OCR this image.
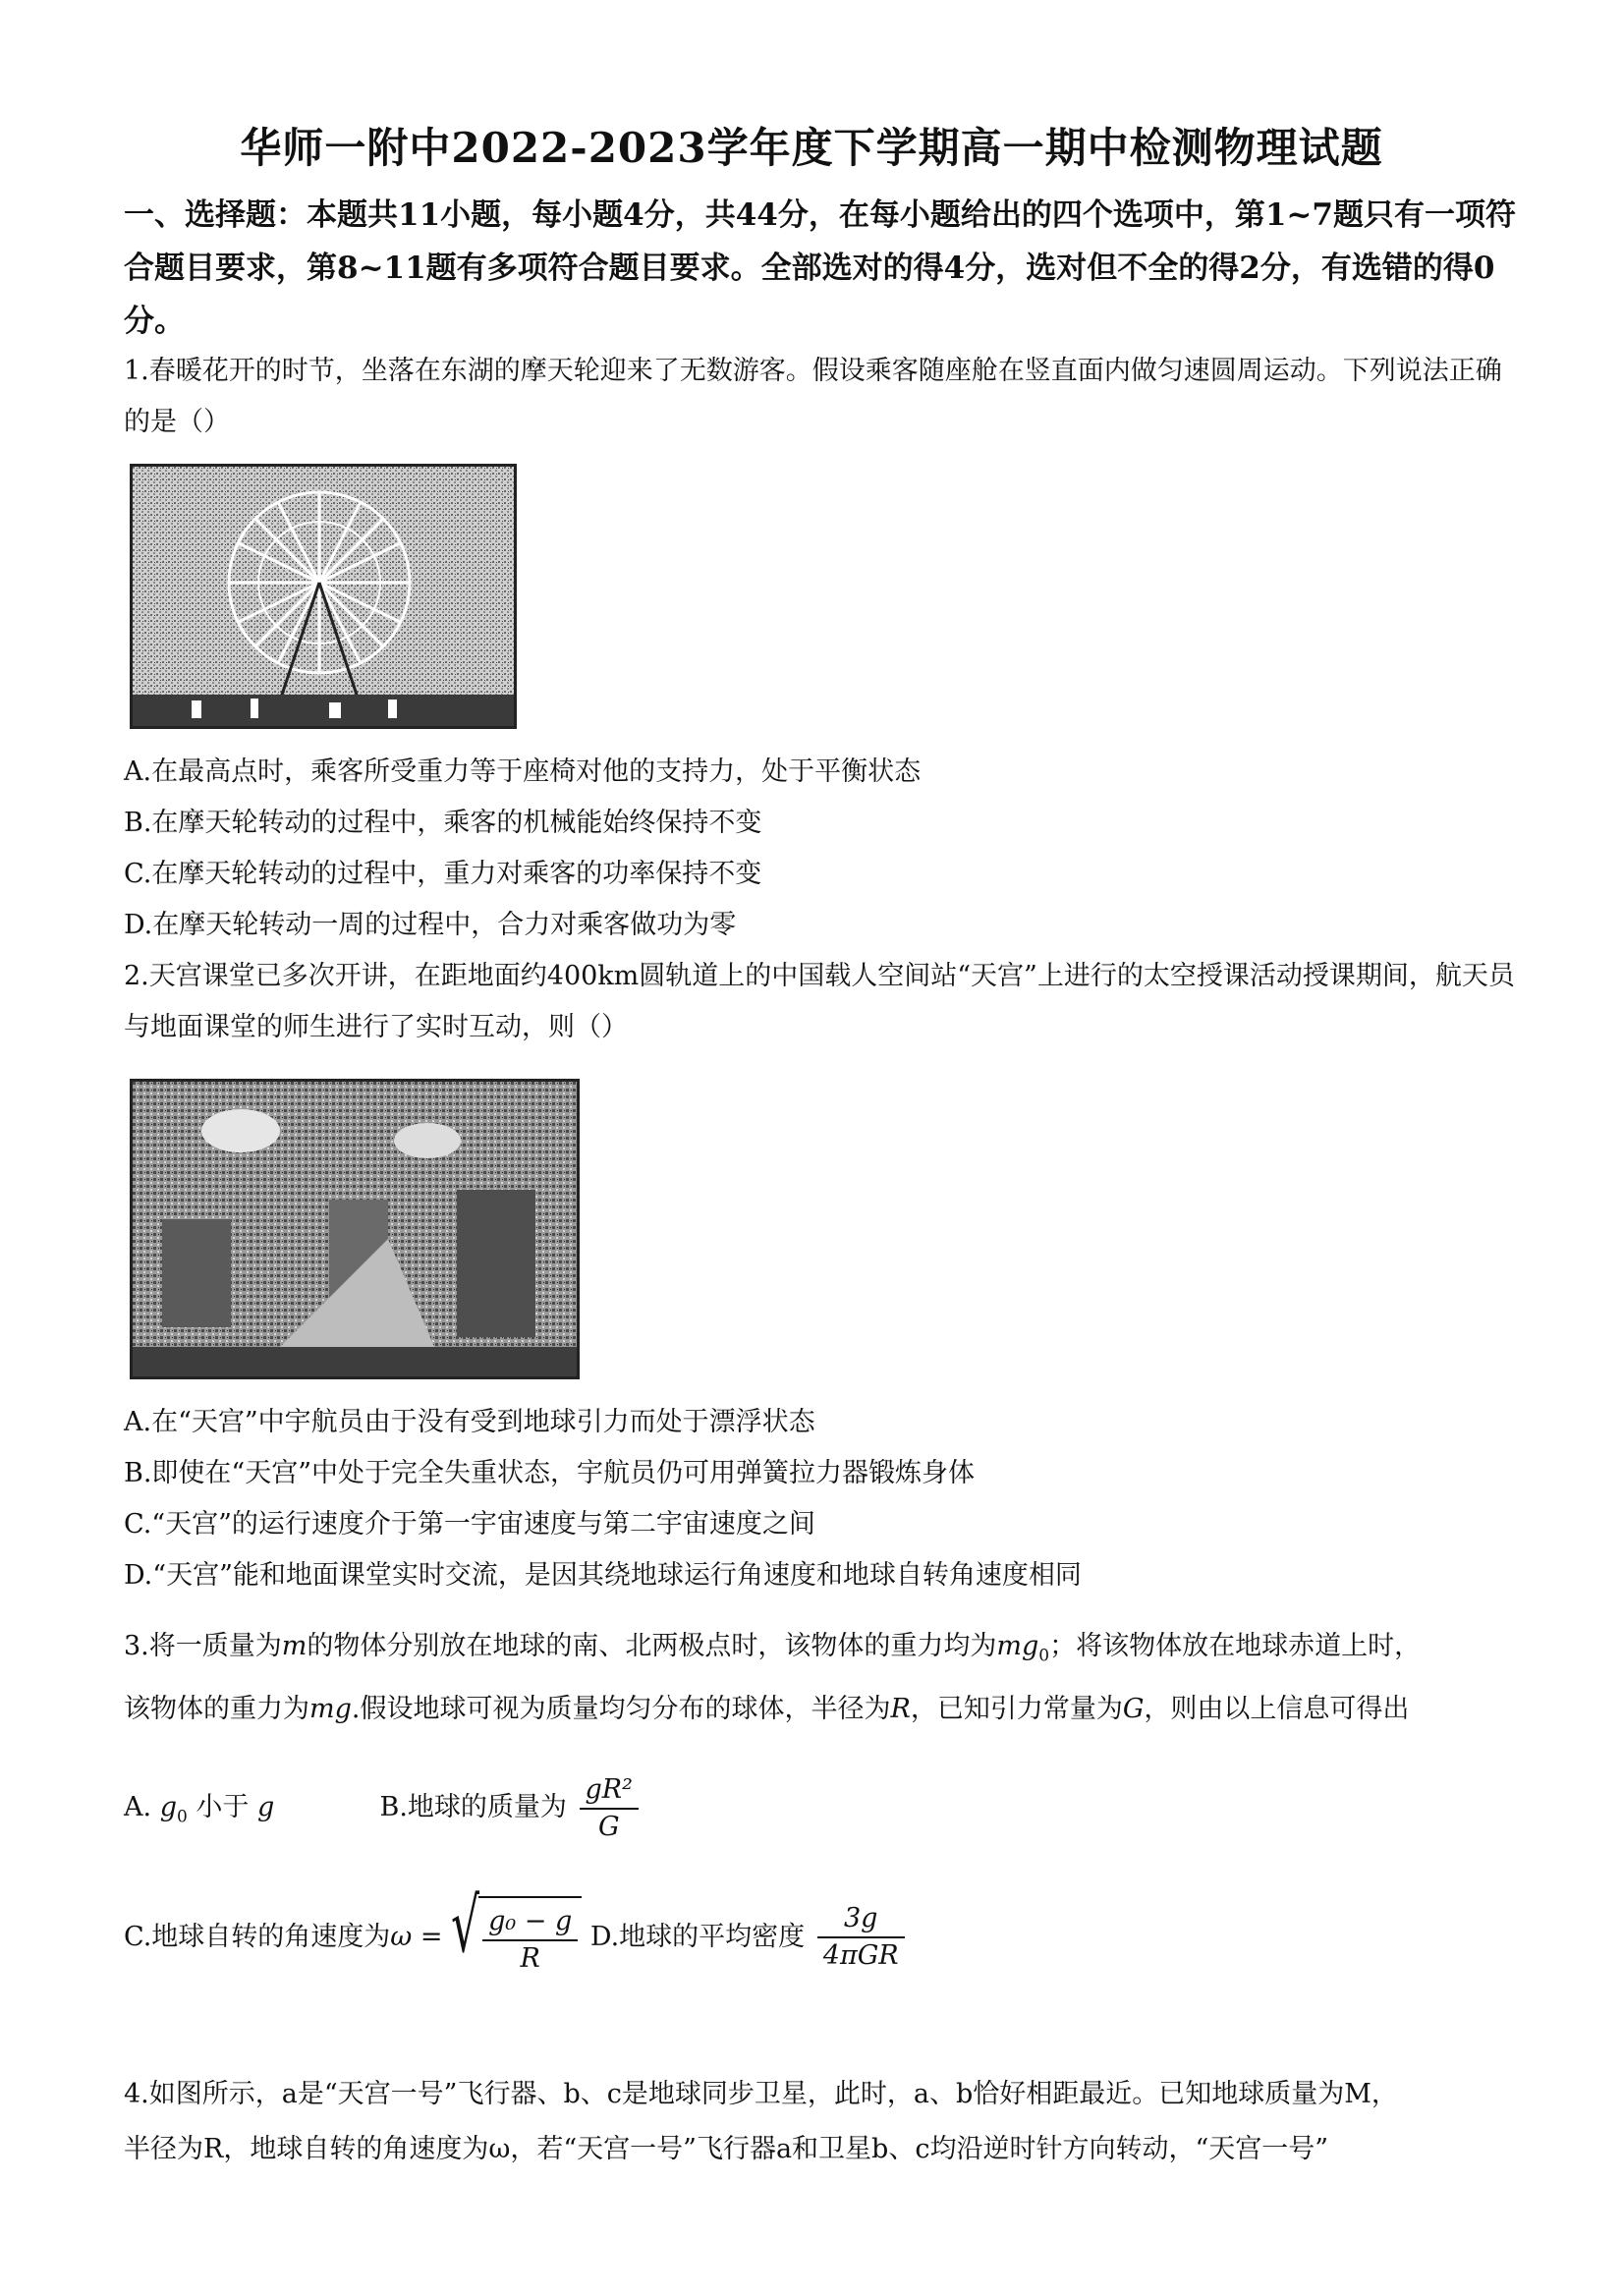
华师一附中2022-2023学年度下学期高一期中检测物理试题
一、选择题：本题共11小题，每小题4分，共44分，在每小题给出的四个选项中，第1~7题只有一项符合题目要求，第8~11题有多项符合题目要求。全部选对的得4分，选对但不全的得2分，有选错的得0分。
1.春暖花开的时节，坐落在东湖的摩天轮迎来了无数游客。假设乘客随座舱在竖直面内做匀速圆周运动。下列说法正确的是（）
A.在最高点时，乘客所受重力等于座椅对他的支持力，处于平衡状态
B.在摩天轮转动的过程中，乘客的机械能始终保持不变
C.在摩天轮转动的过程中，重力对乘客的功率保持不变
D.在摩天轮转动一周的过程中，合力对乘客做功为零
2.天宫课堂已多次开讲，在距地面约400km圆轨道上的中国载人空间站“天宫”上进行的太空授课活动授课期间，航天员与地面课堂的师生进行了实时互动，则（）
A.在“天宫”中宇航员由于没有受到地球引力而处于漂浮状态
B.即使在“天宫”中处于完全失重状态，宇航员仍可用弹簧拉力器锻炼身体
C.“天宫”的运行速度介于第一宇宙速度与第二宇宙速度之间
D.“天宫”能和地面课堂实时交流，是因其绕地球运行角速度和地球自转角速度相同
3.将一质量为m的物体分别放在地球的南、北两极点时，该物体的重力均为$mg_0$；将该物体放在地球赤道上时，
该物体的重力为mg.假设地球可视为质量均匀分布的球体，半径为R，已知引力常量为G，则由以上信息可得出
A. $g_0$ 小于 g	B.地球的质量为 $\frac{\text{gR²}}{G}$
C.地球自转的角速度为ω = √ $\frac{\text{g₀ − g}}{R} D$.地球的平均密度 $\frac{3g}{\text{4πGR}}$
4.如图所示，a是“天宫一号”飞行器、b、c是地球同步卫星，此时，a、b恰好相距最近。已知地球质量为M，
半径为R，地球自转的角速度为ω，若“天宫一号”飞行器a和卫星b、c均沿逆时针方向转动，“天宫一号”
